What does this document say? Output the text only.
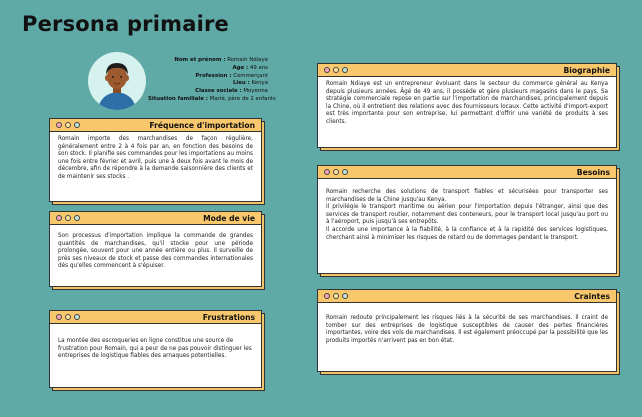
Persona primaire
Nom et prénom : Romain Ndiaye
Age : 49 ans
Profession : Commerçant
Lieu : Kenya
Classe sociale : Moyenne
Situation familiale : Marié, père de 2 enfants
Fréquence d'importation
Romain importe des marchandises de façon régulière, généralement entre 2 à 4 fois par an, en fonction des besoins de son stock. Il planifie ses commandes pour les importations au moins une fois entre février et avril, puis une à deux fois avant le mois de décembre, afin de répondre à la demande saisonnière des clients et de maintenir ses stocks .
Mode de vie
Son processus d'importation implique la commande de grandes quantités de marchandises, qu'il stocke pour une période prolongée, souvent pour une année entière ou plus. Il surveille de près ses niveaux de stock et passe des commandes internationales dès qu'elles commencent à s'épuiser.
Frustrations
La montée des escroqueries en ligne constitue une source de frustration pour Romain, qui a peur de ne pas pouvoir distinguer les entreprises de logistique fiables des arnaques potentielles.
Biographie
Romain Ndiaye est un entrepreneur évoluant dans le secteur du commerce général au Kenya depuis plusieurs années. Âgé de 49 ans, il possède et gère plusieurs magasins dans le pays. Sa stratégie commerciale repose en partie sur l'importation de marchandises, principalement depuis la Chine, où il entretient des relations avec des fournisseurs locaux. Cette activité d'import-export est très importante pour son entreprise, lui permettant d'offrir une variété de produits à ses clients.
Besoins
Romain recherche des solutions de transport fiables et sécurisées pour transporter ses marchandises de la Chine jusqu'au Kenya.
Il privilégie le transport maritime ou aérien pour l'importation depuis l'étranger, ainsi que des services de transport routier, notamment des conteneurs, pour le transport local jusqu'au port ou à l'aéroport, puis jusqu'à ses entrepôts.
Il accorde une importance à la fiabilité, à la confiance et à la rapidité des services logistiques, cherchant ainsi à minimiser les risques de retard ou de dommages pendant le transport.
Craintes
Romain redoute principalement les risques liés à la sécurité de ses marchandises. Il craint de tomber sur des entreprises de logistique susceptibles de causer des pertes financières importantes, voire des vols de marchandises. Il est également préoccupé par la possibilité que les produits importés n'arrivent pas en bon état.
